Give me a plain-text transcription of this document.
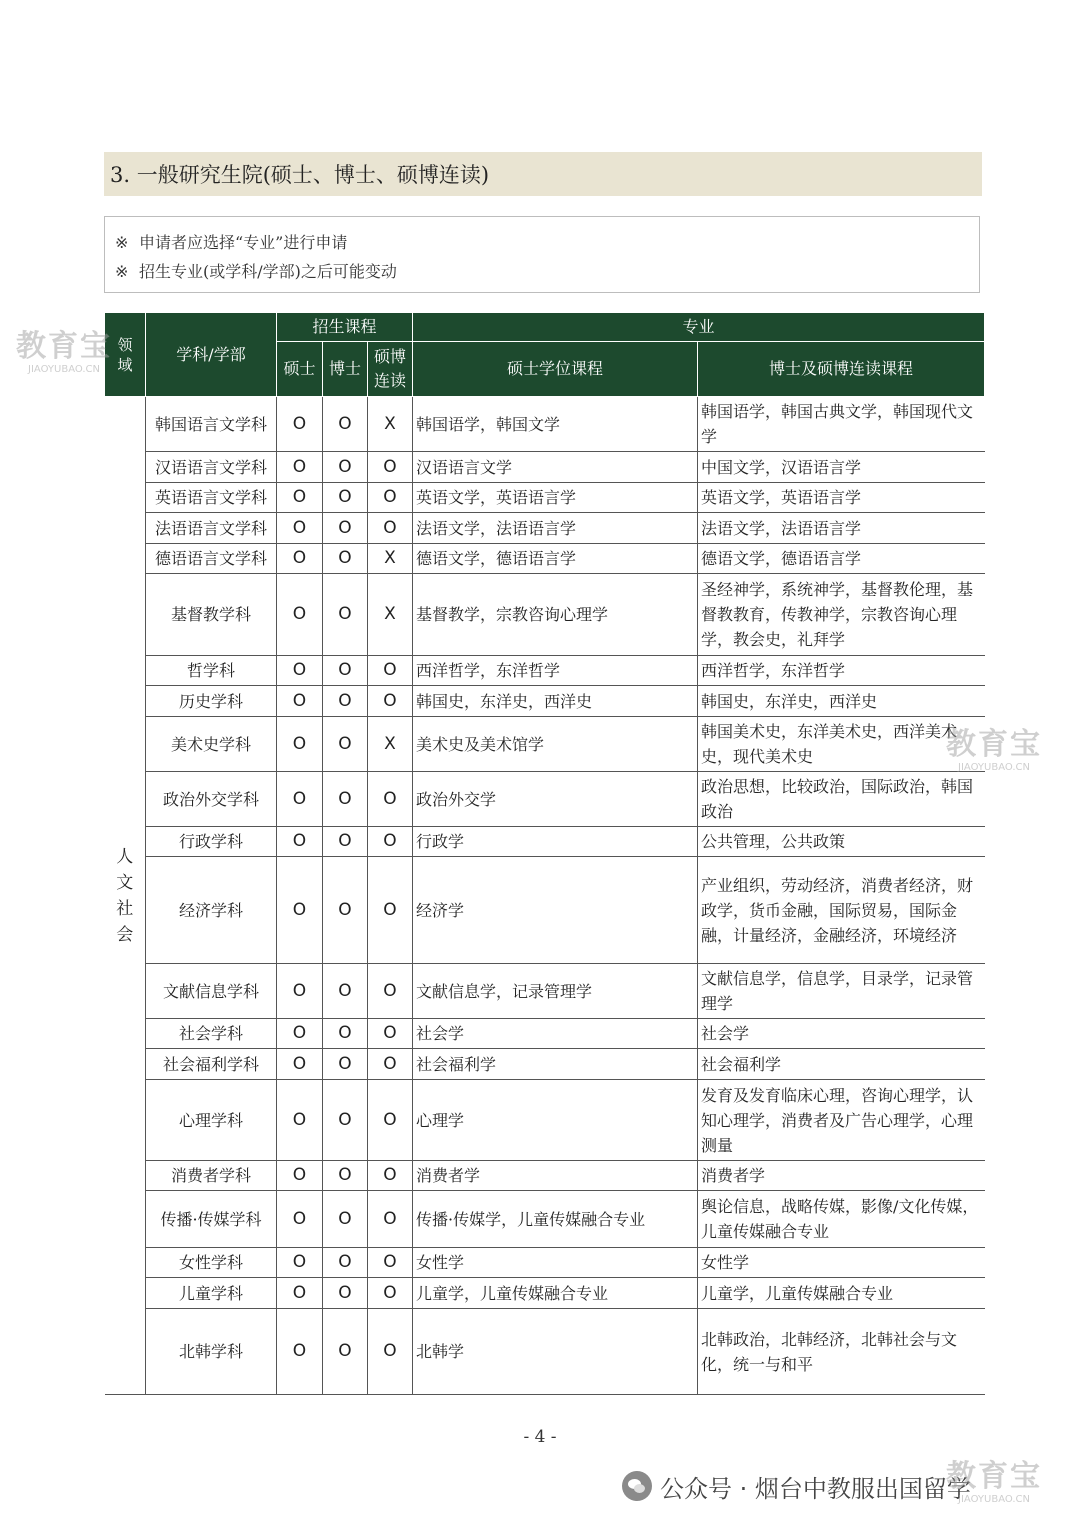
3. 一般研究生院(硕士、博士、硕博连读)
※ 申请者应选择“专业”进行申请
※ 招生专业(或学科/学部)之后可能变动
领域	学科/学部	招生课程			专业	
		硕士	博士	硕博连读	硕士学位课程	博士及硕博连读课程
人
文
社
会	韩国语言文学科	O	O	X	韩国语学，韩国文学	韩国语学，韩国古典文学，韩国现代文学
	汉语语言文学科	O	O	O	汉语语言文学	中国文学，汉语语言学
	英语语言文学科	O	O	O	英语文学，英语语言学	英语文学，英语语言学
	法语语言文学科	O	O	O	法语文学，法语语言学	法语文学，法语语言学
	德语语言文学科	O	O	X	德语文学，德语语言学	德语文学，德语语言学
	基督教学科	O	O	X	基督教学，宗教咨询心理学	圣经神学，系统神学，基督教伦理，基督教教育，传教神学，宗教咨询心理学，教会史，礼拜学
	哲学科	O	O	O	西洋哲学，东洋哲学	西洋哲学，东洋哲学
	历史学科	O	O	O	韩国史，东洋史，西洋史	韩国史，东洋史，西洋史
	美术史学科	O	O	X	美术史及美术馆学	韩国美术史，东洋美术史，西洋美术史，现代美术史
	政治外交学科	O	O	O	政治外交学	政治思想，比较政治，国际政治，韩国政治
	行政学科	O	O	O	行政学	公共管理，公共政策
	经济学科	O	O	O	经济学	产业组织，劳动经济，消费者经济，财政学，货币金融，国际贸易，国际金融，计量经济，金融经济，环境经济
	文献信息学科	O	O	O	文献信息学，记录管理学	文献信息学，信息学，目录学，记录管理学
	社会学科	O	O	O	社会学	社会学
	社会福利学科	O	O	O	社会福利学	社会福利学
	心理学科	O	O	O	心理学	发育及发育临床心理，咨询心理学，认知心理学，消费者及广告心理学，心理测量
	消费者学科	O	O	O	消费者学	消费者学
	传播·传媒学科	O	O	O	传播·传媒学，儿童传媒融合专业	舆论信息，战略传媒，影像/文化传媒，儿童传媒融合专业
	女性学科	O	O	O	女性学	女性学
	儿童学科	O	O	O	儿童学，儿童传媒融合专业	儿童学，儿童传媒融合专业
	北韩学科	O	O	O	北韩学	北韩政治，北韩经济，北韩社会与文化，统一与和平
- 4 -
公众号 · 烟台中教服出国留学
教育宝
JIAOYUBAO.CN
教育宝
JIAOYUBAO.CN
教育宝
JIAOYUBAO.CN
